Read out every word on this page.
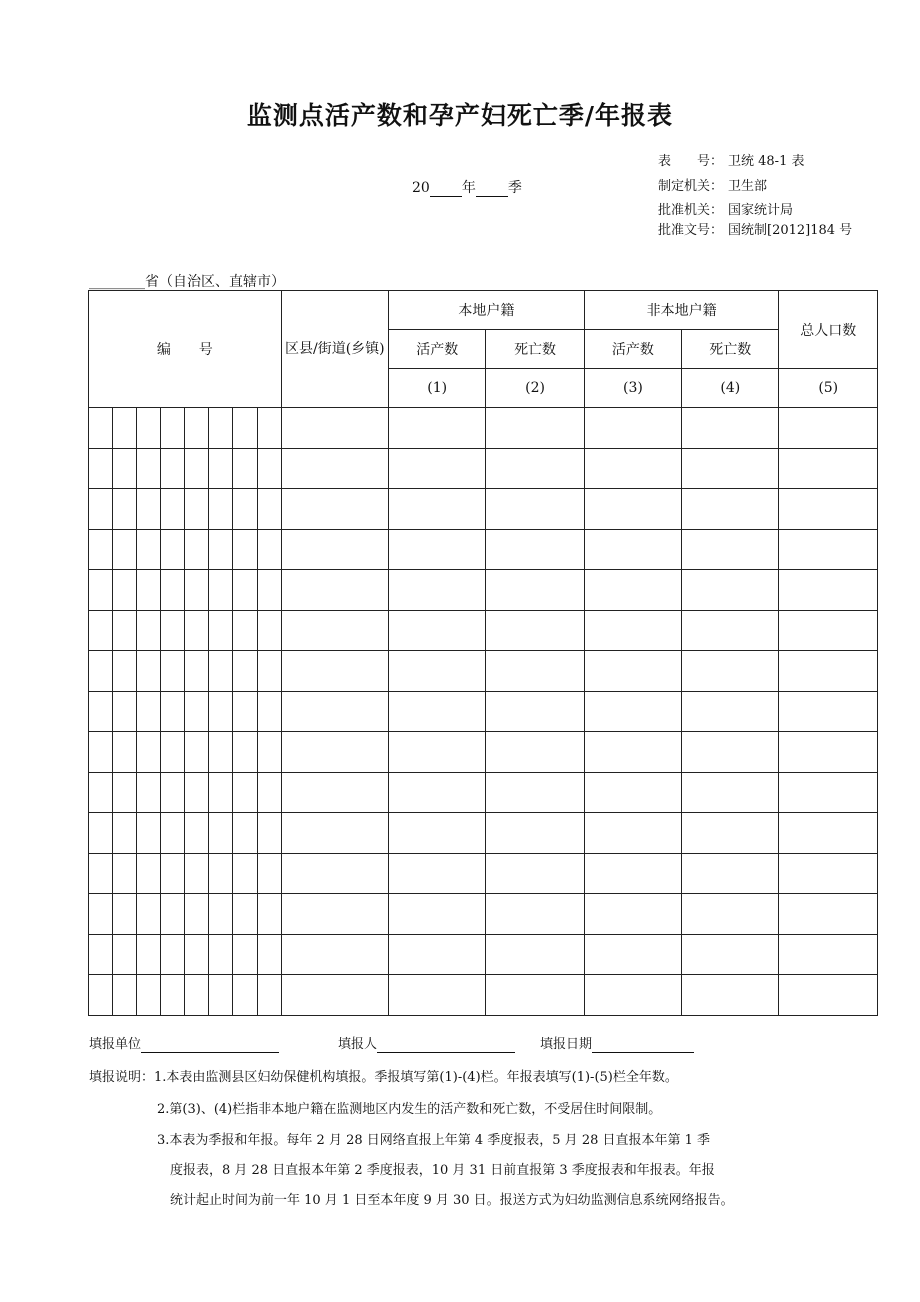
监测点活产数和孕产妇死亡季/年报表
20 年 季
表　　号： 卫统 48-1 表
制定机关： 卫生部
批准机关： 国家统计局
批准文号： 国统制[2012]184 号
________省（自治区、直辖市）
编　　号								区县/街道(乡镇)	本地户籍		非本地户籍		总人口数
									活产数	死亡数	活产数	死亡数	
									(1)	(2)	(3)	(4)	(5)

填报单位	填报人	填报日期
填报说明：1.本表由监测县区妇幼保健机构填报。季报填写第(1)-(4)栏。年报表填写(1)-(5)栏全年数。
2.第(3)、(4)栏指非本地户籍在监测地区内发生的活产数和死亡数，不受居住时间限制。
3.本表为季报和年报。每年 2 月 28 日网络直报上年第 4 季度报表，5 月 28 日直报本年第 1 季
度报表，8 月 28 日直报本年第 2 季度报表，10 月 31 日前直报第 3 季度报表和年报表。年报
统计起止时间为前一年 10 月 1 日至本年度 9 月 30 日。报送方式为妇幼监测信息系统网络报告。
